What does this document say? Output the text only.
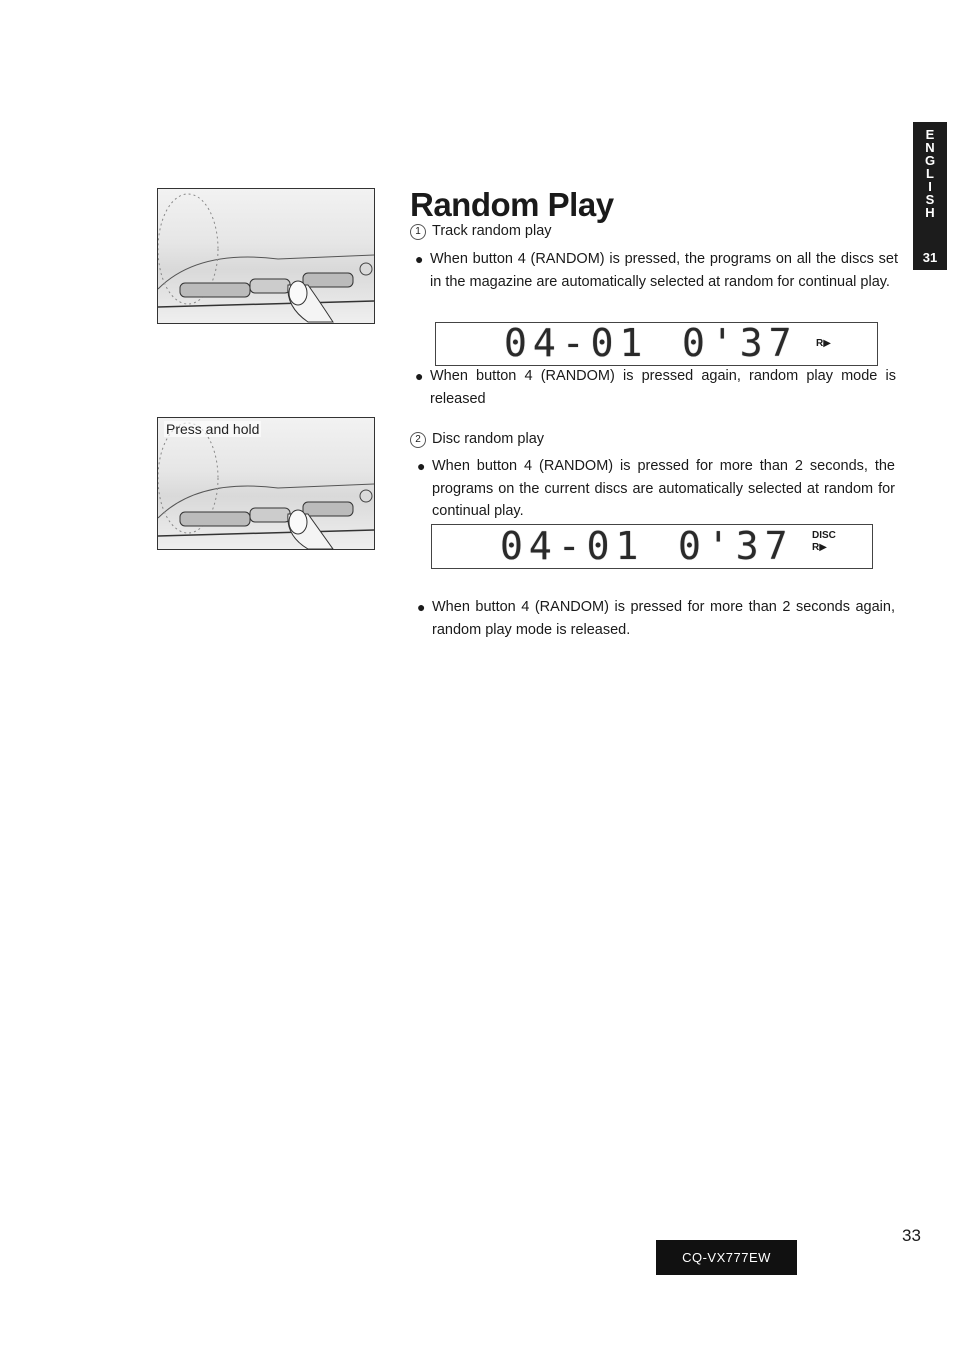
E
N
G
L
I
S
H
31
Press and hold
Random Play
1 Track random play
● When button 4 (RANDOM) is pressed, the programs on all the discs set in the magazine are automatically selected at random for continual play.
04-01 0'37 R▶
● When button 4 (RANDOM) is pressed again, random play mode is released
2 Disc random play
● When button 4 (RANDOM) is pressed for more than 2 seconds, the programs on the current discs are automatically selected at random for continual play.
04-01 0'37 DISC
R▶
● When button 4 (RANDOM) is pressed for more than 2 seconds again, random play mode is released.
CQ-VX777EW
33
